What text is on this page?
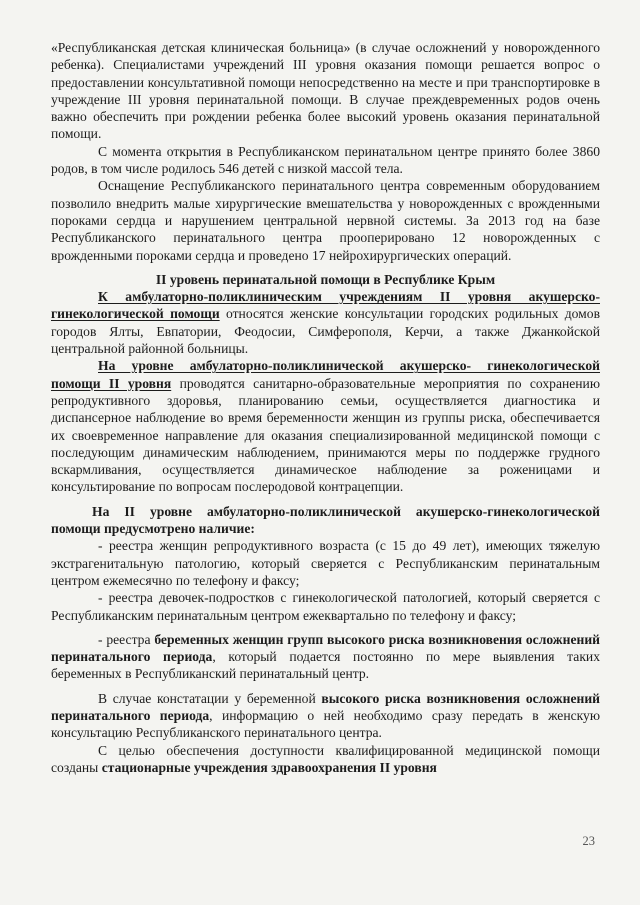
«Республиканская детская клиническая больница» (в случае осложнений у новорожденного ребенка). Специалистами учреждений III уровня оказания помощи решается вопрос о предоставлении консультативной помощи непосредственно на месте и при транспортировке в учреждение III уровня перинатальной помощи. В случае преждевременных родов очень важно обеспечить при рождении ребенка более высокий уровень оказания перинатальной помощи.

С момента открытия в Республиканском перинатальном центре принято более 3860 родов, в том числе родилось 546 детей с низкой массой тела.

Оснащение Республиканского перинатального центра современным оборудованием позволило внедрить малые хирургические вмешательства у новорожденных с врожденными пороками сердца и нарушением центральной нервной системы. За 2013 год на базе Республиканского перинатального центра прооперировано 12 новорожденных с врожденными пороками сердца и проведено 17 нейрохирургических операций.

II уровень перинатальной помощи в Республике Крым

К амбулаторно-поликлиническим учреждениям II уровня акушерско-гинекологической помощи относятся женские консультации городских родильных домов городов Ялты, Евпатории, Феодосии, Симферополя, Керчи, а также Джанкойской центральной районной больницы.

На уровне амбулаторно-поликлинической акушерско- гинекологической помощи II уровня проводятся санитарно-образовательные мероприятия по сохранению репродуктивного здоровья, планированию семьи, осуществляется диагностика и диспансерное наблюдение во время беременности женщин из группы риска, обеспечивается их своевременное направление для оказания специализированной медицинской помощи с последующим динамическим наблюдением, принимаются меры по поддержке грудного вскармливания, осуществляется динамическое наблюдение за роженицами и консультирование по вопросам послеродовой контрацепции.

На II уровне амбулаторно-поликлинической акушерско-гинекологической помощи предусмотрено наличие:

- реестра женщин репродуктивного возраста (с 15 до 49 лет), имеющих тяжелую экстрагенитальную патологию, который сверяется с Республиканским перинатальным центром ежемесячно по телефону и факсу;

- реестра девочек-подростков с гинекологической патологией, который сверяется с Республиканским перинатальным центром ежеквартально по телефону и факсу;

- реестра беременных женщин групп высокого риска возникновения осложнений перинатального периода, который подается постоянно по мере выявления таких беременных в Республиканский перинатальный центр.

В случае констатации у беременной высокого риска возникновения осложнений перинатального периода, информацию о ней необходимо сразу передать в женскую консультацию Республиканского перинатального центра.

С целью обеспечения доступности квалифицированной медицинской помощи созданы стационарные учреждения здравоохранения II уровня

23
